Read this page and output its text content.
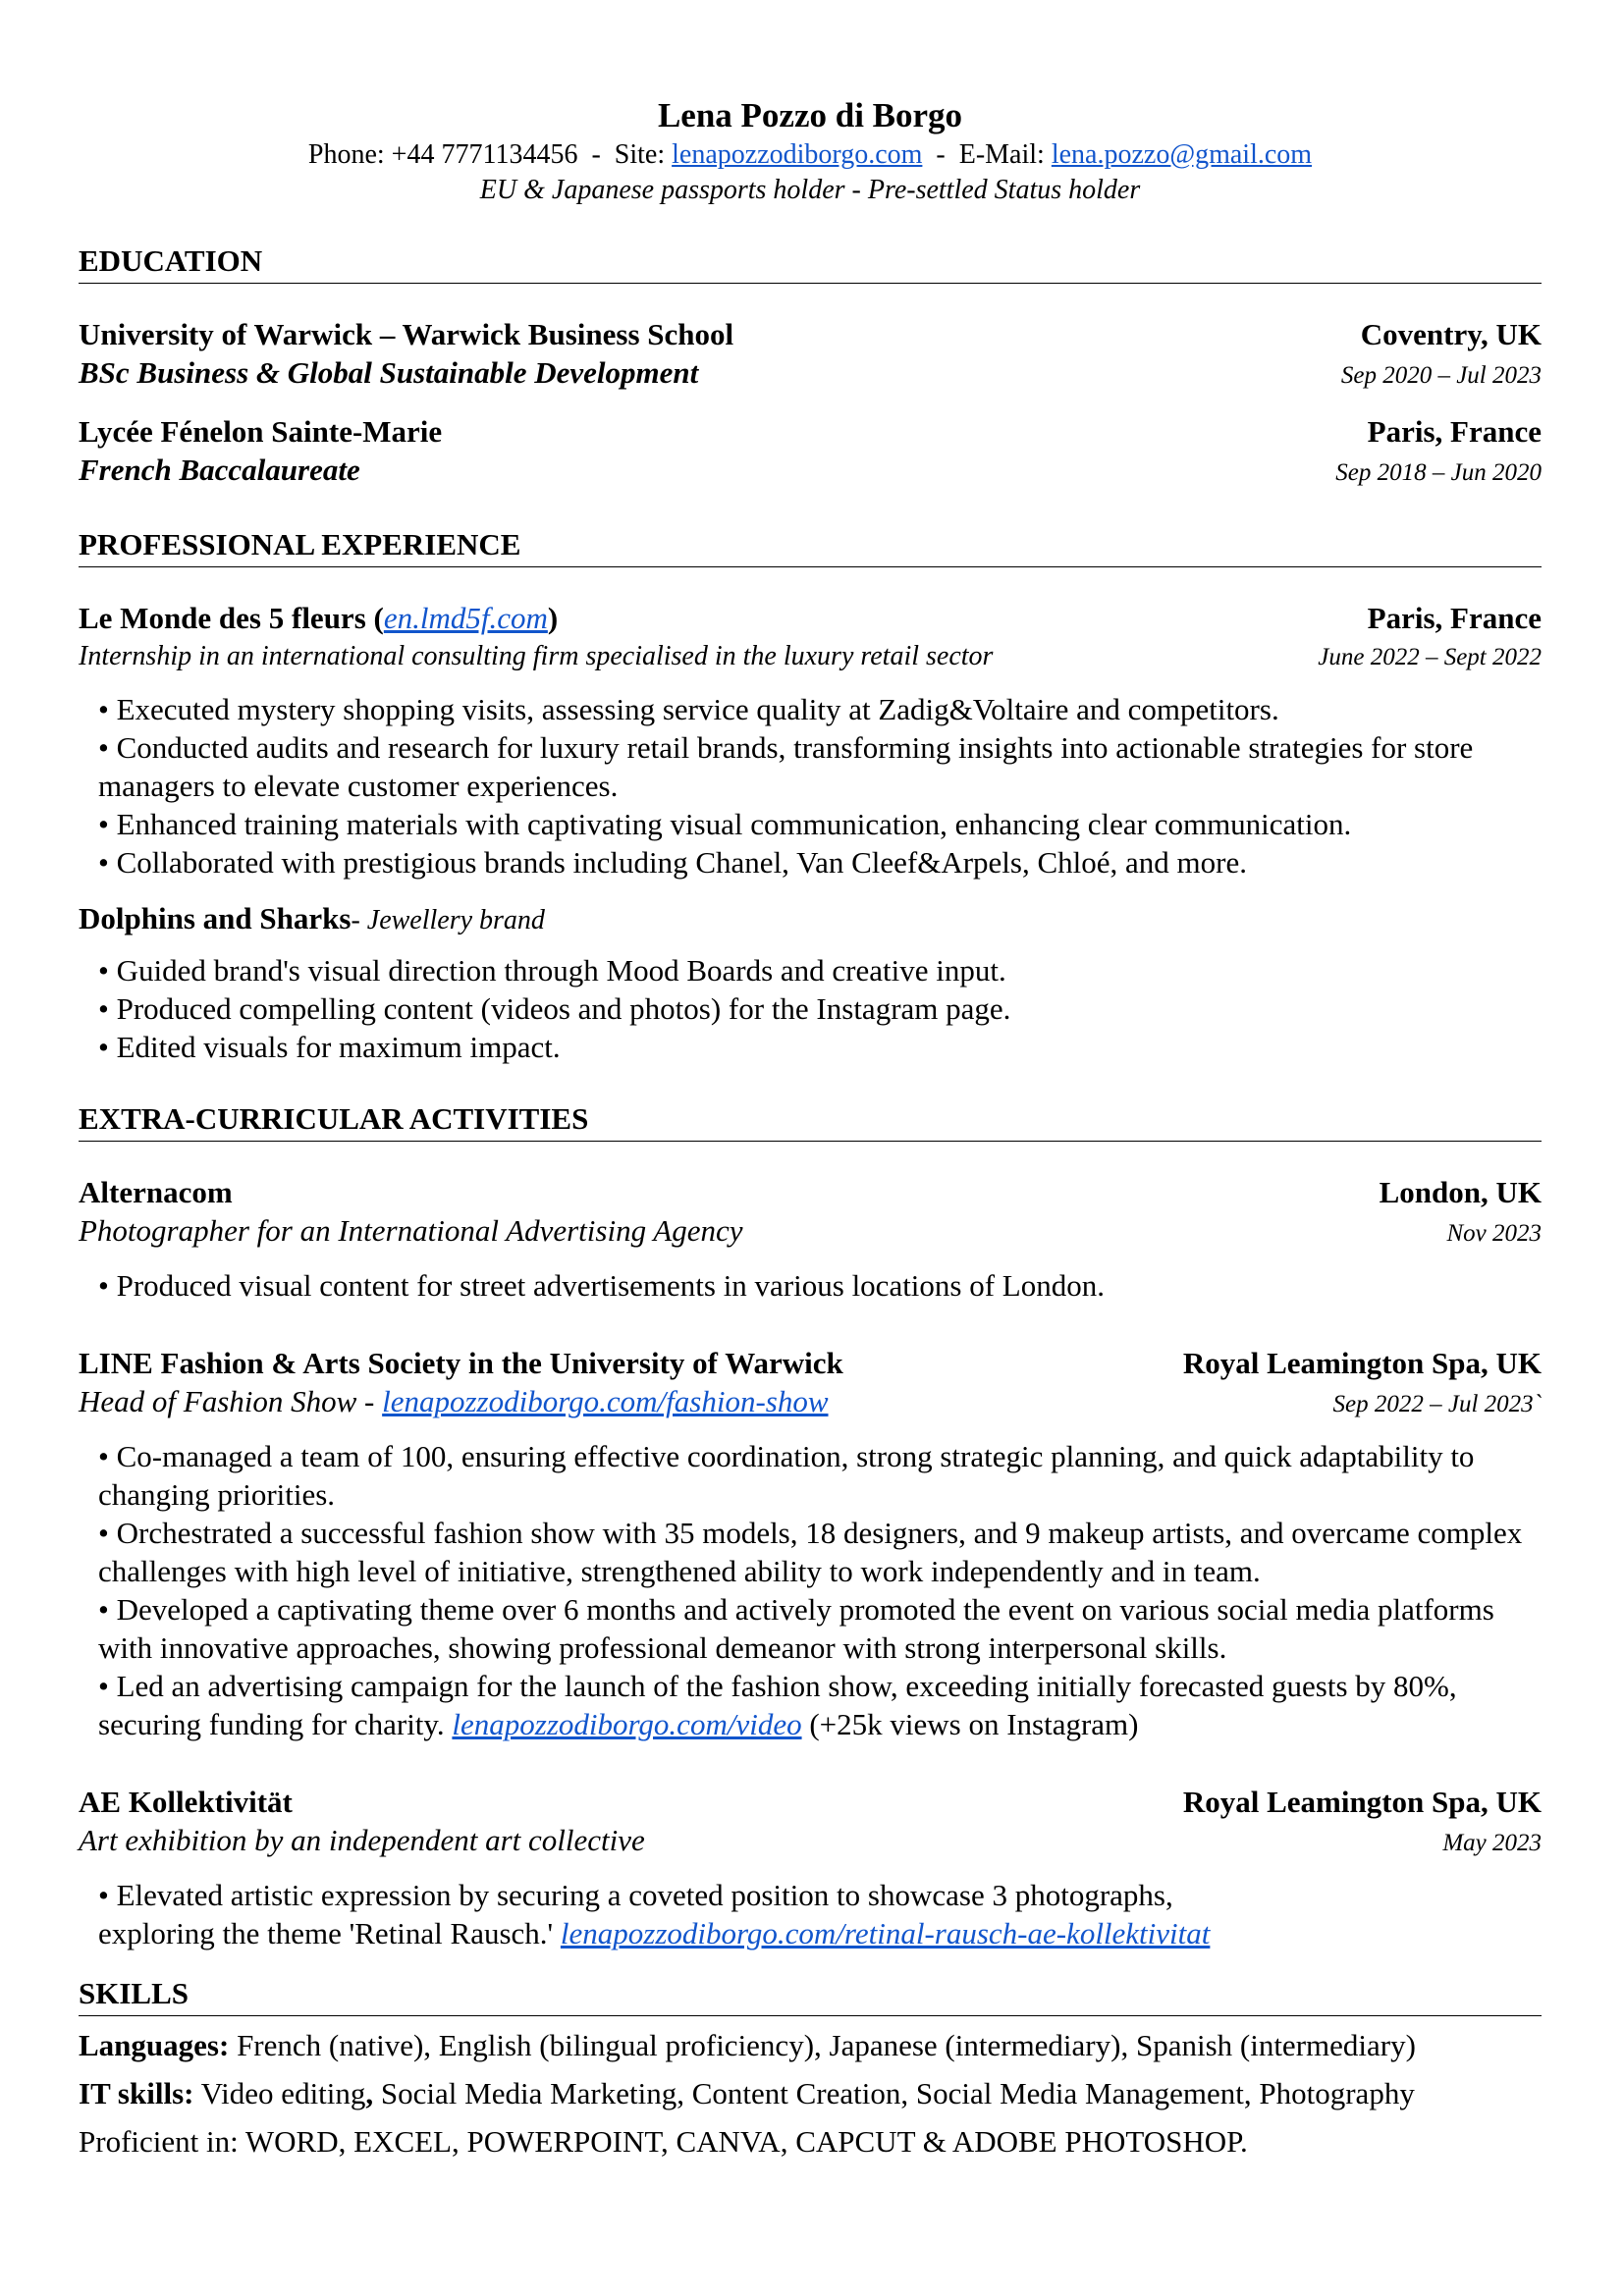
Lena Pozzo di Borgo
Phone: +44 7771134456 - Site: lenapozzodiborgo.com - E-Mail: lena.pozzo@gmail.com
EU & Japanese passports holder - Pre-settled Status holder
EDUCATION
University of Warwick – Warwick Business School	Coventry, UK
BSc Business & Global Sustainable Development	Sep 2020 – Jul 2023
Lycée Fénelon Sainte-Marie	Paris, France
French Baccalaureate	Sep 2018 – Jun 2020
PROFESSIONAL EXPERIENCE
Le Monde des 5 fleurs (en.lmd5f.com)	Paris, France
Internship in an international consulting firm specialised in the luxury retail sector	June 2022 – Sept 2022

• Executed mystery shopping visits, assessing service quality at Zadig&Voltaire and competitors.

• Conducted audits and research for luxury retail brands, transforming insights into actionable strategies for store managers to elevate customer experiences.

• Enhanced training materials with captivating visual communication, enhancing clear communication.

• Collaborated with prestigious brands including Chanel, Van Cleef&Arpels, Chloé, and more.

Dolphins and Sharks - Jewellery brand

• Guided brand's visual direction through Mood Boards and creative input.

• Produced compelling content (videos and photos) for the Instagram page.

• Edited visuals for maximum impact.

EXTRA-CURRICULAR ACTIVITIES
Alternacom	London, UK
Photographer for an International Advertising Agency	Nov 2023

• Produced visual content for street advertisements in various locations of London.

LINE Fashion & Arts Society in the University of Warwick	Royal Leamington Spa, UK
Head of Fashion Show - lenapozzodiborgo.com/fashion-show	Sep 2022 – Jul 2023`

• Co-managed a team of 100, ensuring effective coordination, strong strategic planning, and quick adaptability to changing priorities.

• Orchestrated a successful fashion show with 35 models, 18 designers, and 9 makeup artists, and overcame complex challenges with high level of initiative, strengthened ability to work independently and in team.

• Developed a captivating theme over 6 months and actively promoted the event on various social media platforms with innovative approaches, showing professional demeanor with strong interpersonal skills.

• Led an advertising campaign for the launch of the fashion show, exceeding initially forecasted guests by 80%, securing funding for charity. lenapozzodiborgo.com/video (+25k views on Instagram)

AE Kollektivität	Royal Leamington Spa, UK
Art exhibition by an independent art collective	May 2023

• Elevated artistic expression by securing a coveted position to showcase 3 photographs,

exploring the theme 'Retinal Rausch.' lenapozzodiborgo.com/retinal-rausch-ae-kollektivitat

SKILLS

Languages: French (native), English (bilingual proficiency), Japanese (intermediary), Spanish (intermediary)

IT skills: Video editing, Social Media Marketing, Content Creation, Social Media Management, Photography

Proficient in: WORD, EXCEL, POWERPOINT, CANVA, CAPCUT & ADOBE PHOTOSHOP.
